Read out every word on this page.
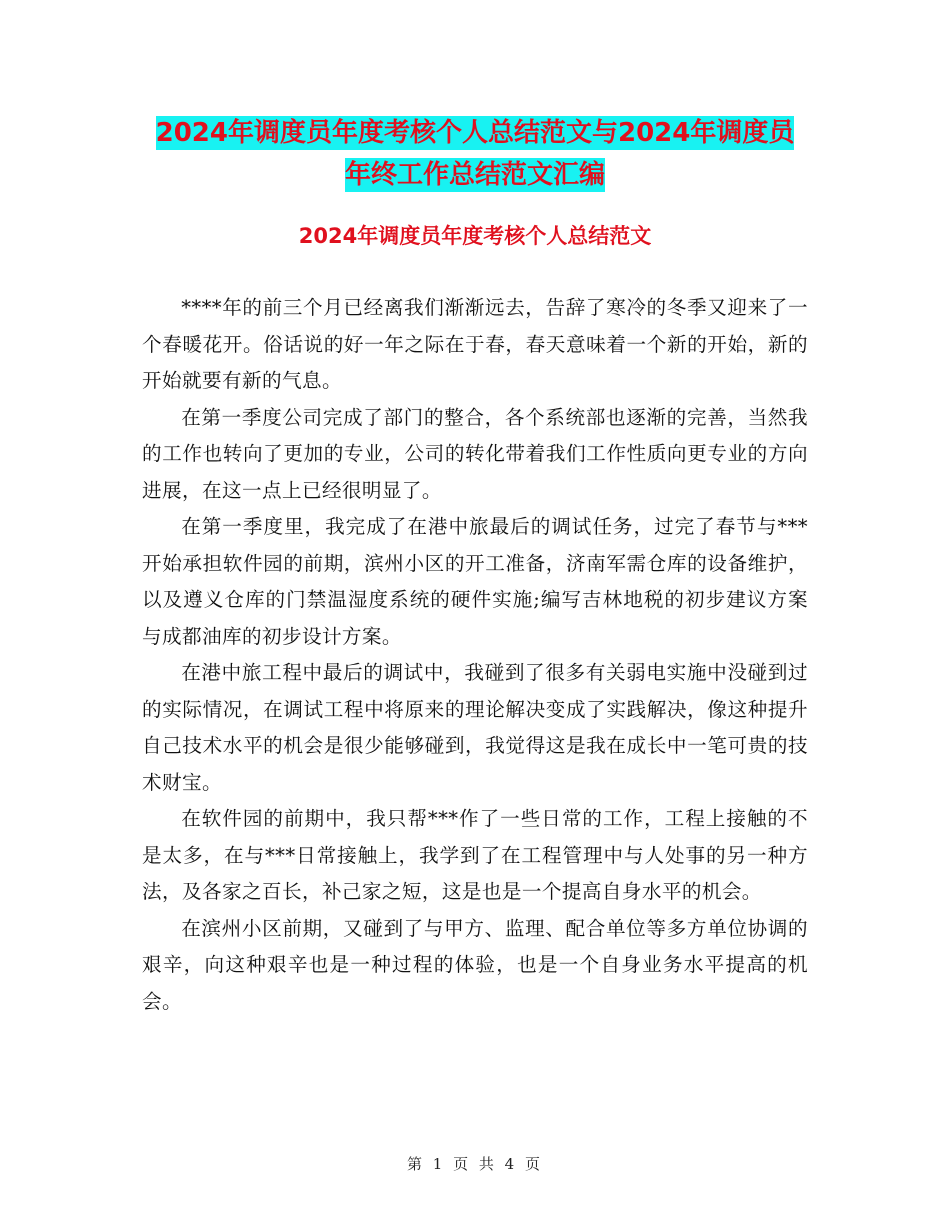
2024年调度员年度考核个人总结范文与2024年调度员
年终工作总结范文汇编
2024年调度员年度考核个人总结范文

****年的前三个月已经离我们渐渐远去，告辞了寒冷的冬季又迎来了一个春暖花开。俗话说的好一年之际在于春，春天意味着一个新的开始，新的开始就要有新的气息。

在第一季度公司完成了部门的整合，各个系统部也逐渐的完善，当然我的工作也转向了更加的专业，公司的转化带着我们工作性质向更专业的方向进展，在这一点上已经很明显了。

在第一季度里，我完成了在港中旅最后的调试任务，过完了春节与***开始承担软件园的前期，滨州小区的开工准备，济南军需仓库的设备维护，以及遵义仓库的门禁温湿度系统的硬件实施;编写吉林地税的初步建议方案与成都油库的初步设计方案。

在港中旅工程中最后的调试中，我碰到了很多有关弱电实施中没碰到过的实际情况，在调试工程中将原来的理论解决变成了实践解决，像这种提升自己技术水平的机会是很少能够碰到，我觉得这是我在成长中一笔可贵的技术财宝。

在软件园的前期中，我只帮***作了一些日常的工作，工程上接触的不是太多，在与***日常接触上，我学到了在工程管理中与人处事的另一种方法，及各家之百长，补己家之短，这是也是一个提高自身水平的机会。

在滨州小区前期，又碰到了与甲方、监理、配合单位等多方单位协调的艰辛，向这种艰辛也是一种过程的体验，也是一个自身业务水平提高的机会。

第 1 页 共 4 页
